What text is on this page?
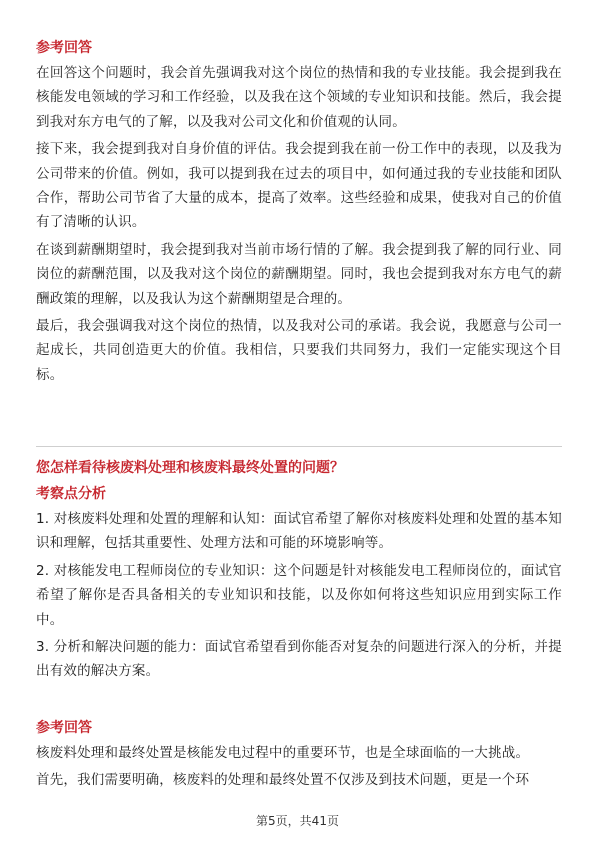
参考回答

在回答这个问题时，我会首先强调我对这个岗位的热情和我的专业技能。我会提到我在核能发电领域的学习和工作经验，以及我在这个领域的专业知识和技能。然后，我会提到我对东方电气的了解，以及我对公司文化和价值观的认同。

接下来，我会提到我对自身价值的评估。我会提到我在前一份工作中的表现，以及我为公司带来的价值。例如，我可以提到我在过去的项目中，如何通过我的专业技能和团队合作，帮助公司节省了大量的成本，提高了效率。这些经验和成果，使我对自己的价值有了清晰的认识。

在谈到薪酬期望时，我会提到我对当前市场行情的了解。我会提到我了解的同行业、同岗位的薪酬范围，以及我对这个岗位的薪酬期望。同时，我也会提到我对东方电气的薪酬政策的理解，以及我认为这个薪酬期望是合理的。

最后，我会强调我对这个岗位的热情，以及我对公司的承诺。我会说，我愿意与公司一起成长，共同创造更大的价值。我相信，只要我们共同努力，我们一定能实现这个目标。

您怎样看待核废料处理和核废料最终处置的问题？
考察点分析

1. 对核废料处理和处置的理解和认知：面试官希望了解你对核废料处理和处置的基本知识和理解，包括其重要性、处理方法和可能的环境影响等。

2. 对核能发电工程师岗位的专业知识：这个问题是针对核能发电工程师岗位的，面试官希望了解你是否具备相关的专业知识和技能，以及你如何将这些知识应用到实际工作中。

3. 分析和解决问题的能力：面试官希望看到你能否对复杂的问题进行深入的分析，并提出有效的解决方案。

参考回答

核废料处理和最终处置是核能发电过程中的重要环节，也是全球面临的一大挑战。

首先，我们需要明确，核废料的处理和最终处置不仅涉及到技术问题，更是一个环

第5页，共41页
